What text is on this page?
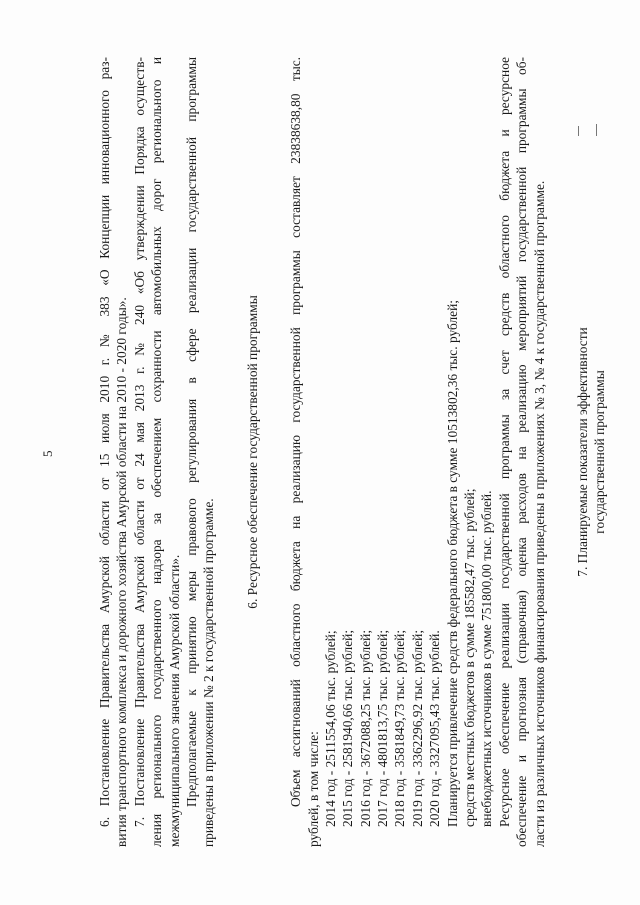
5	6. Постановление Правительства Амурской области от 15 июля 2010 г. № 383 «О Концепции инновационного раз- вития транспортного комплекса и дорожного хозяйства Амурской области на 2010 - 2020 годы». 7. Постановление Правительства Амурской области от 24 мая 2013 г. № 240 «Об утверждении Порядка осуществ- ления регионального государственного надзора за обеспечением сохранности автомобильных дорог регионального и межмуниципального значения Амурской области». Предполагаемые к принятию меры правового регулирования в сфере реализации государственной программы приведены в приложении № 2 к государственной программе.
6. Ресурсное обеспечение государственной программы Объем ассигнований областного бюджета на реализацию государственной программы составляет 23838638,80 тыс. рублей, в том числе: 2014 год - 2511554,06 тыс. рублей; 2015 год - 2581940,66 тыс. рублей; 2016 год - 3672088,25 тыс. рублей; 2017 год - 4801813,75 тыс. рублей; 2018 год - 3581849,73 тыс. рублей; 2019 год - 3362296,92 тыс. рублей; 2020 год - 3327095,43 тыс. рублей. Планируется привлечение средств федерального бюджета в сумме 10513802,36 тыс. рублей; средств местных бюджетов в сумме 185582,47 тыс. рублей; внебюджетных источников в сумме 751800,00 тыс. рублей. Ресурсное обеспечение реализации государственной программы за счет средств областного бюджета и ресурсное обеспечение и прогнозная (справочная) оценка расходов на реализацию мероприятий государственной программы об- ласти из различных источников финансирования приведены в приложениях № 3, № 4 к государственной программе. 7. Планируемые показатели эффективности государственной программы
